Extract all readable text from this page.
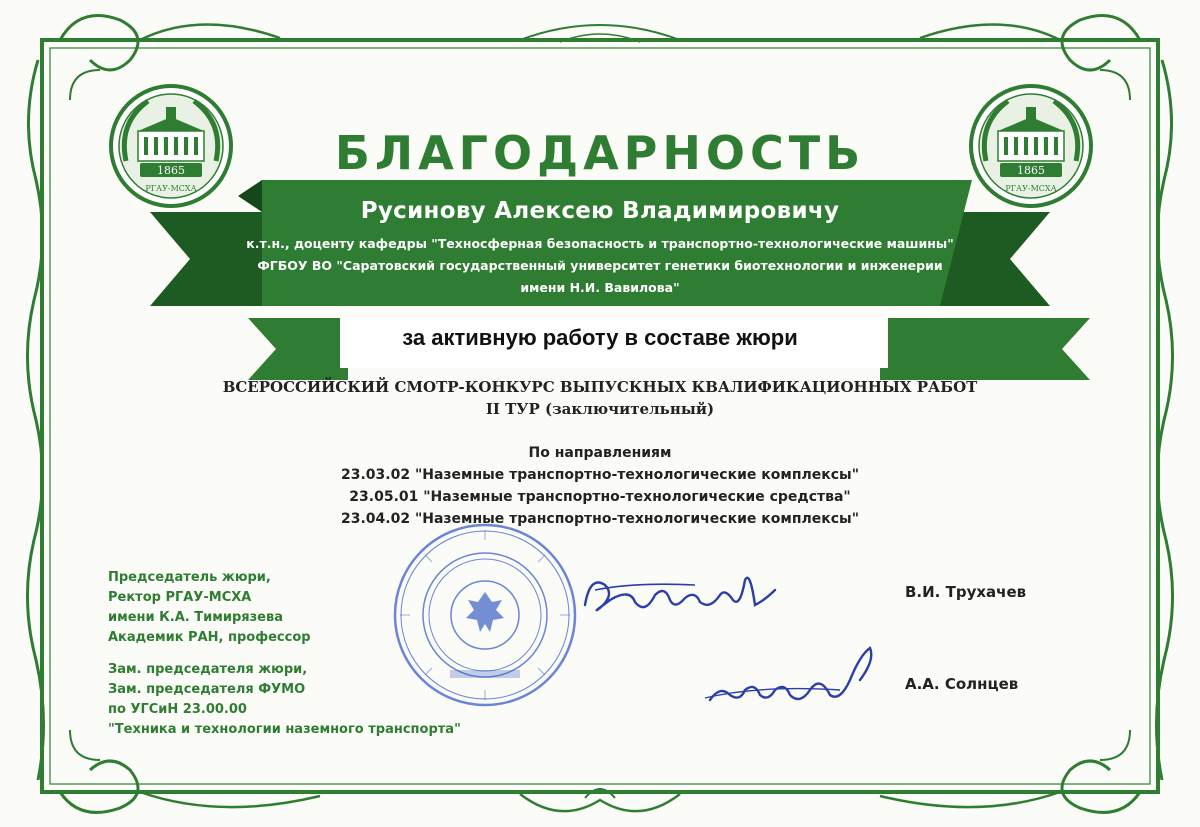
1865
РГАУ-МСХА
1865
РГАУ-МСХА
БЛАГОДАРНОСТЬ
Русинову Алексею Владимировичу
к.т.н., доценту кафедры "Техносферная безопасность и транспортно-технологические машины"
ФГБОУ ВО "Саратовский государственный университет генетики биотехнологии и инженерии
имени Н.И. Вавилова"
за активную работу в составе жюри
ВСЕРОССИЙСКИЙ СМОТР-КОНКУРС ВЫПУСКНЫХ КВАЛИФИКАЦИОННЫХ РАБОТ
II ТУР (заключительный)
По направлениям
23.03.02 "Наземные транспортно-технологические комплексы"
23.05.01 "Наземные транспортно-технологические средства"
23.04.02 "Наземные транспортно-технологические комплексы"
Председатель жюри,
Ректор РГАУ-МСХА
имени К.А. Тимирязева
Академик РАН, профессор
В.И. Трухачев
Зам. председателя жюри,
Зам. председателя ФУМО
по УГСиН 23.00.00
"Техника и технологии наземного транспорта"
А.А. Солнцев
